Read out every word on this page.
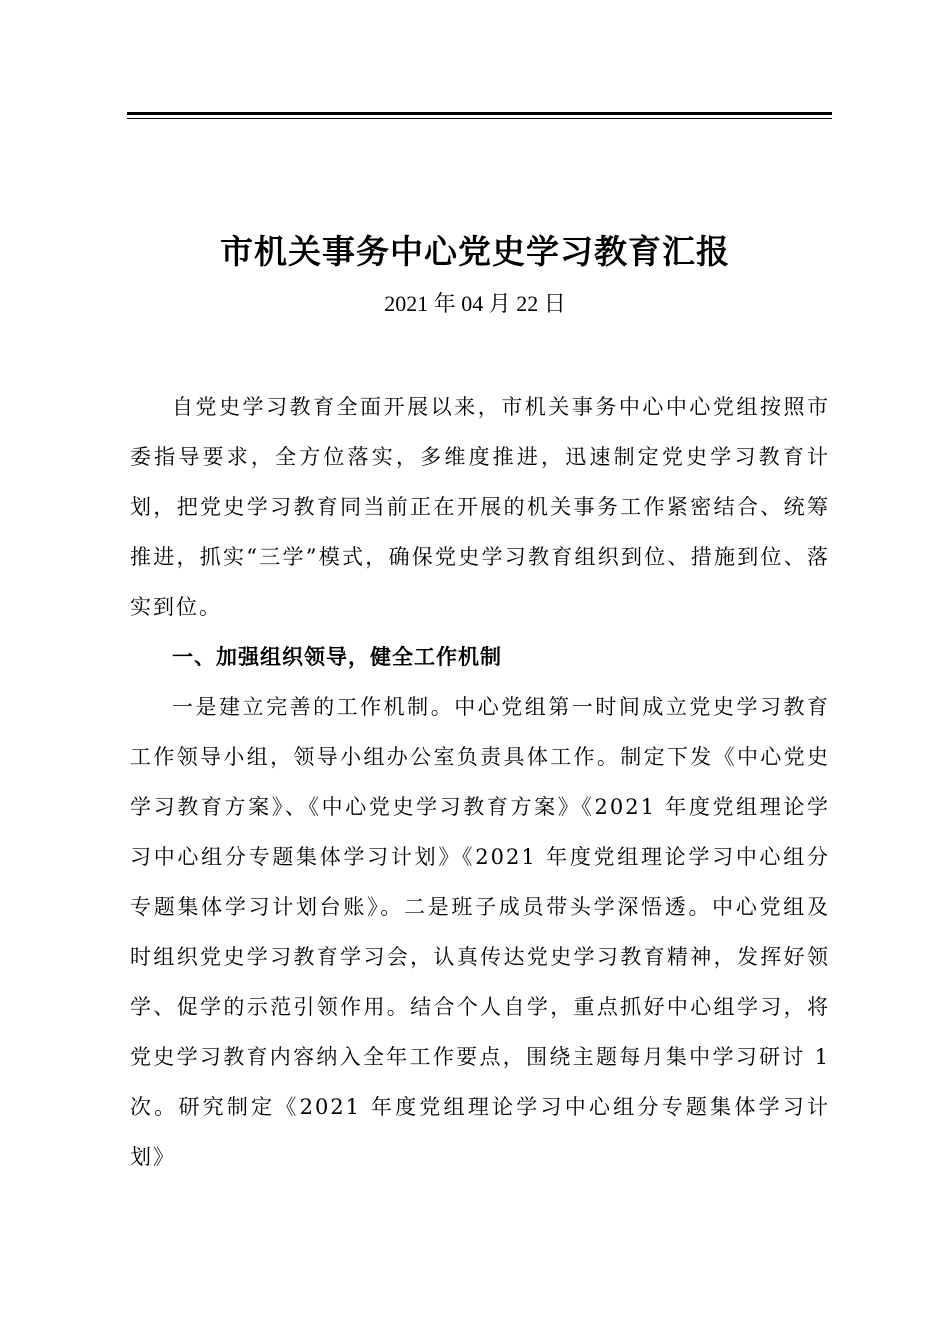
市机关事务中心党史学习教育汇报
2021 年 04 月 22 日

自党史学习教育全面开展以来，市机关事务中心中心党组按照市委指导要求，全方位落实，多维度推进，迅速制定党史学习教育计划，把党史学习教育同当前正在开展的机关事务工作紧密结合、统筹推进，抓实“三学”模式，确保党史学习教育组织到位、措施到位、落实到位。

一、加强组织领导，健全工作机制

一是建立完善的工作机制。中心党组第一时间成立党史学习教育工作领导小组，领导小组办公室负责具体工作。制定下发《中心党史学习教育方案》、《中心党史学习教育方案》《2021 年度党组理论学习中心组分专题集体学习计划》《2021 年度党组理论学习中心组分专题集体学习计划台账》。二是班子成员带头学深悟透。中心党组及时组织党史学习教育学习会，认真传达党史学习教育精神，发挥好领学、促学的示范引领作用。结合个人自学，重点抓好中心组学习，将党史学习教育内容纳入全年工作要点，围绕主题每月集中学习研讨 1 次。研究制定《2021 年度党组理论学习中心组分专题集体学习计划》
